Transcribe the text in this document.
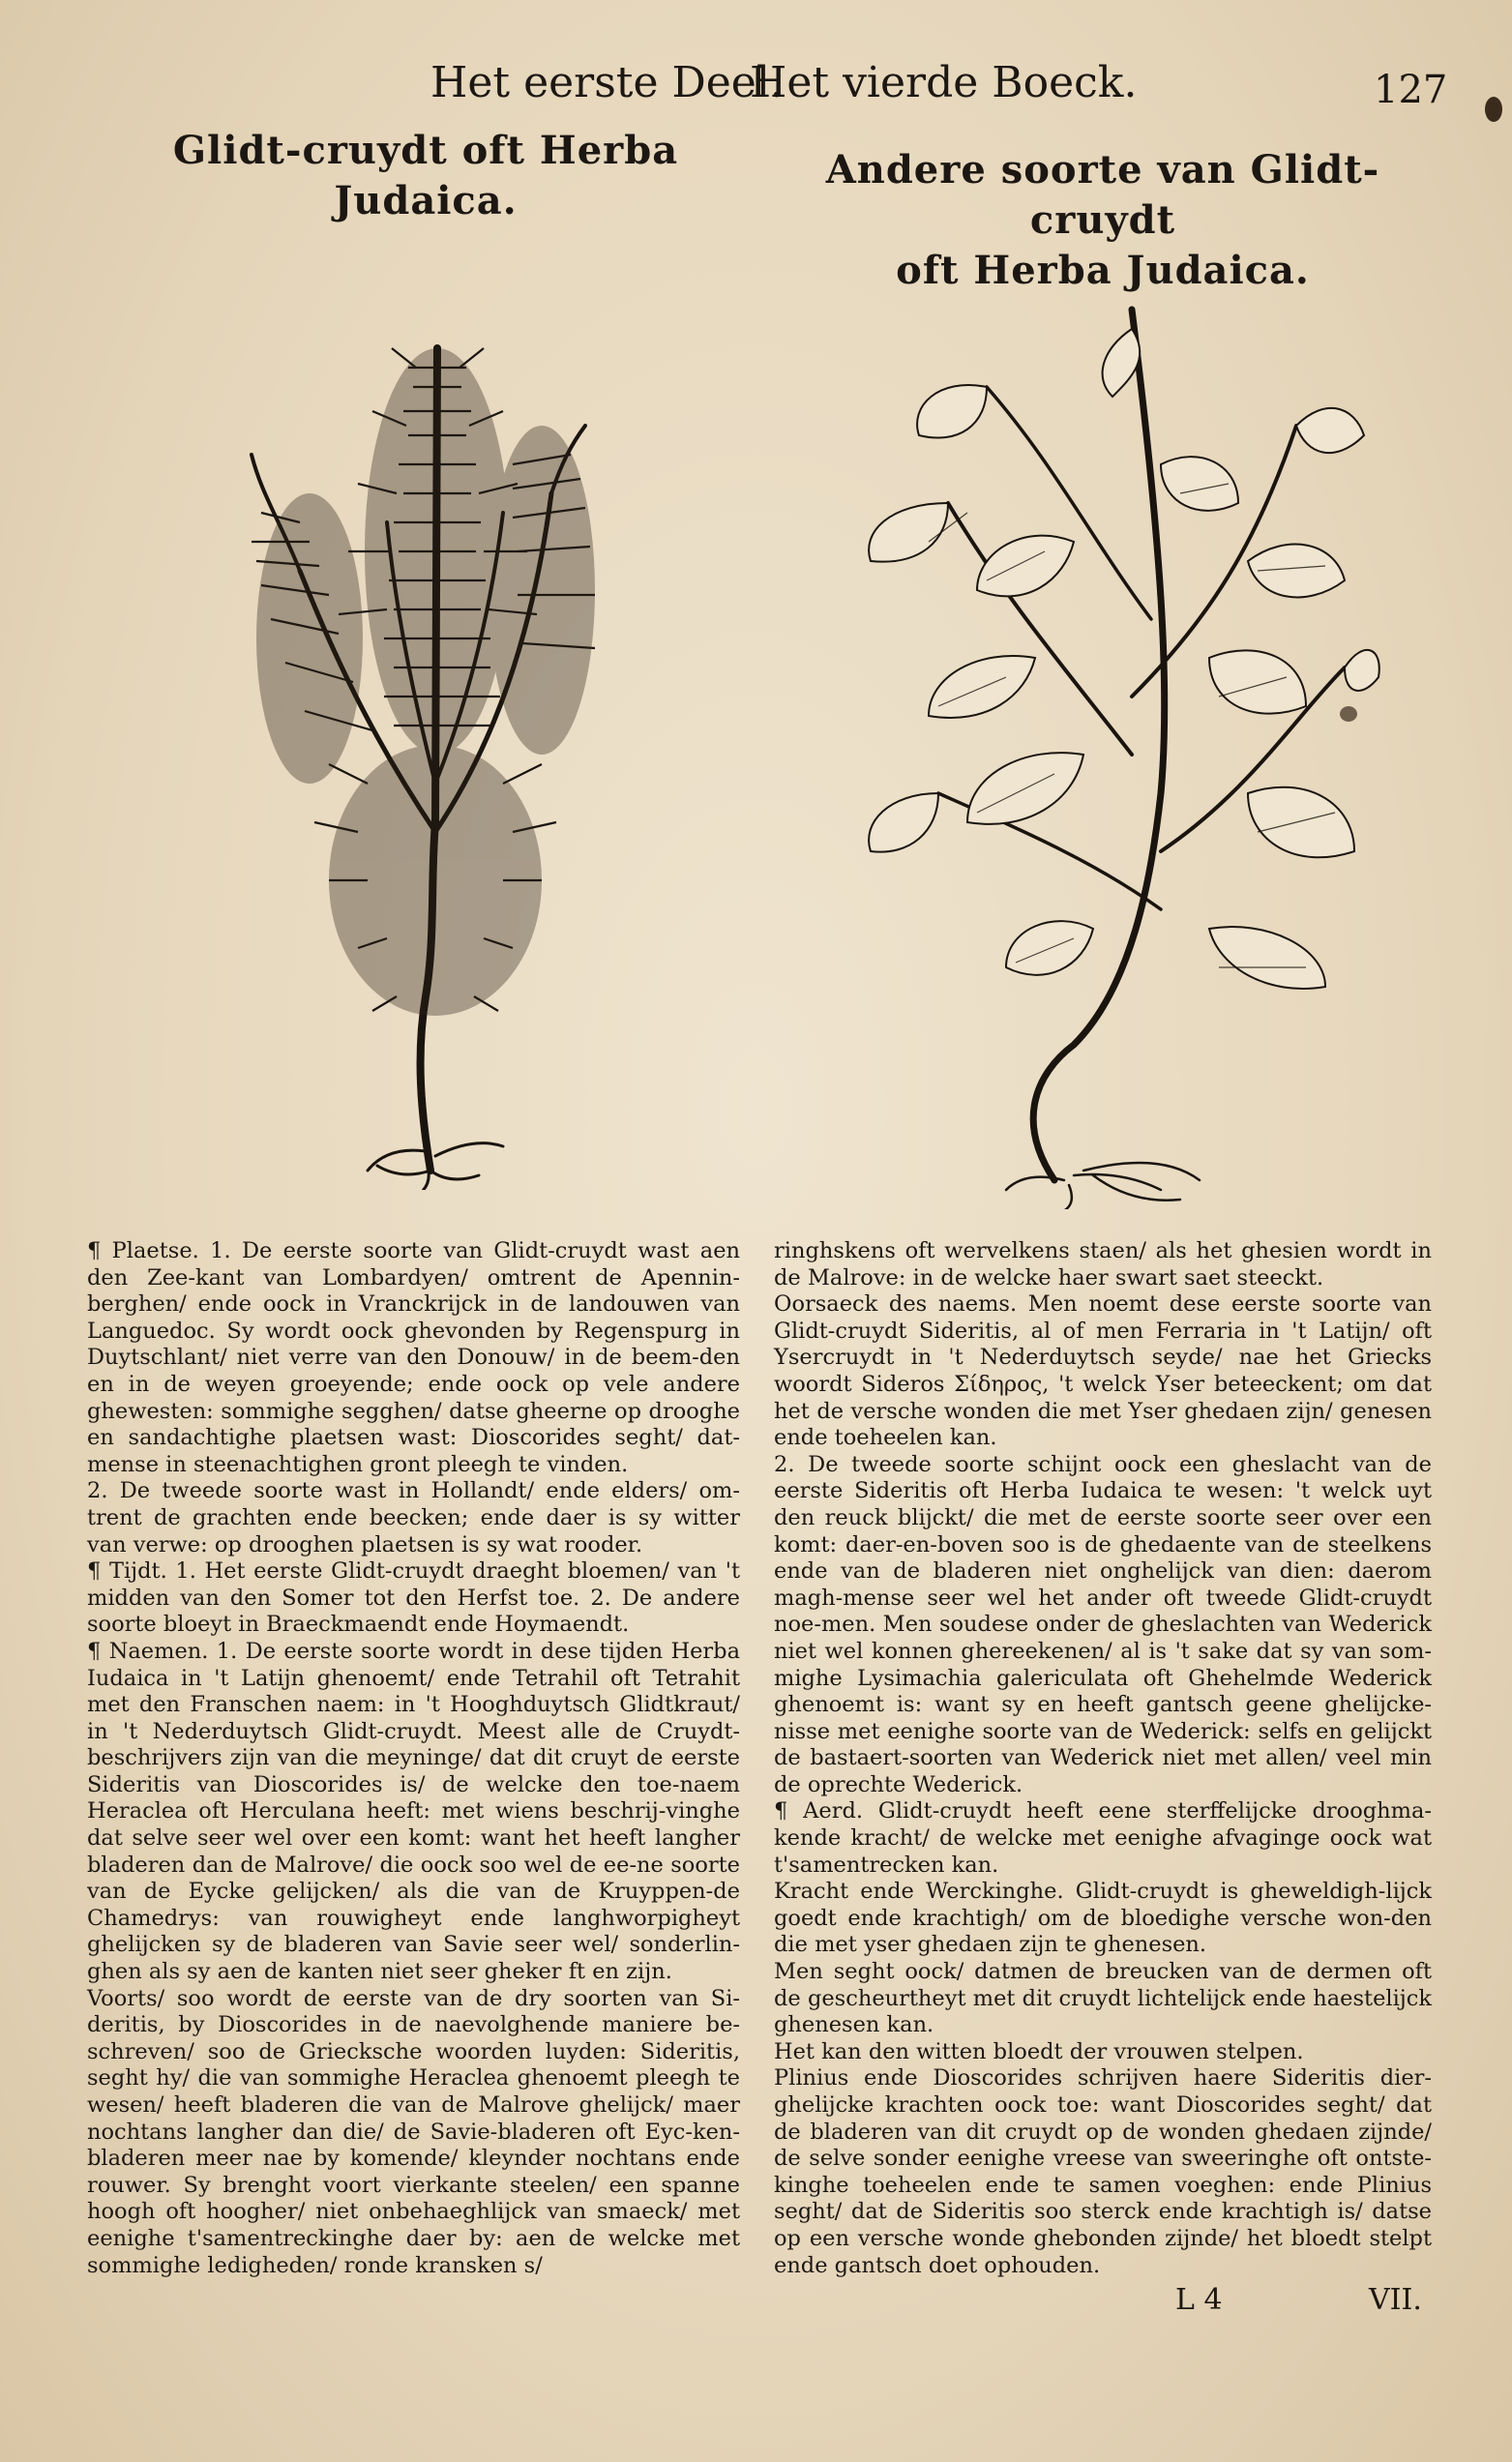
Het eerste Deel.
Het vierde Boeck.	127
Glidt-cruydt oft Herba Judaica.
Andere soorte van Glidt-cruydt
oft Herba Judaica.

¶ Plaetse. 1. De eerste soorte van Glidt-cruydt wast aen den Zee-kant van Lombardyen/ omtrent de Apennin-berghen/ ende oock in Vranckrijck in de landouwen van Languedoc. Sy wordt oock ghevonden by Regenspurg in Duytschlant/ niet verre van den Donouw/ in de beem-den en in de weyen groeyende; ende oock op vele andere ghewesten: sommighe segghen/ datse gheerne op drooghe en sandachtighe plaetsen wast: Dioscorides seght/ dat-mense in steenachtighen gront pleegh te vinden.

2. De tweede soorte wast in Hollandt/ ende elders/ om-trent de grachten ende beecken; ende daer is sy witter van verwe: op drooghen plaetsen is sy wat rooder.

¶ Tijdt. 1. Het eerste Glidt-cruydt draeght bloemen/ van 't midden van den Somer tot den Herfst toe. 2. De andere soorte bloeyt in Braeckmaendt ende Hoymaendt.

¶ Naemen. 1. De eerste soorte wordt in dese tijden Herba Iudaica in 't Latijn ghenoemt/ ende Tetrahil oft Tetrahit met den Franschen naem: in 't Hooghduytsch Glidtkraut/ in 't Nederduytsch Glidt-cruydt. Meest alle de Cruydt-beschrijvers zijn van die meyninge/ dat dit cruyt de eerste Sideritis van Dioscorides is/ de welcke den toe-naem Heraclea oft Herculana heeft: met wiens beschrij-vinghe dat selve seer wel over een komt: want het heeft langher bladeren dan de Malrove/ die oock soo wel de ee-ne soorte van de Eycke gelijcken/ als die van de Kruyppen-de Chamedrys: van rouwigheyt ende langhworpigheyt ghelijcken sy de bladeren van Savie seer wel/ sonderlin-ghen als sy aen de kanten niet seer gheker ft en zijn.

Voorts/ soo wordt de eerste van de dry soorten van Si-deritis, by Dioscorides in de naevolghende maniere be-schreven/ soo de Griecksche woorden luyden: Sideritis, seght hy/ die van sommighe Heraclea ghenoemt pleegh te wesen/ heeft bladeren die van de Malrove ghelijck/ maer nochtans langher dan die/ de Savie-bladeren oft Eyc-ken-bladeren meer nae by komende/ kleynder nochtans ende rouwer. Sy brenght voort vierkante steelen/ een spanne hoogh oft hoogher/ niet onbehaeghlijck van smaeck/ met eenighe t'samentreckinghe daer by: aen de welcke met sommighe ledigheden/ ronde kransken s/

ringhskens oft wervelkens staen/ als het ghesien wordt in de Malrove: in de welcke haer swart saet steeckt.

Oorsaeck des naems. Men noemt dese eerste soorte van Glidt-cruydt Sideritis, al of men Ferraria in 't Latijn/ oft Ysercruydt in 't Nederduytsch seyde/ nae het Griecks woordt Sideros Σίδηρος, 't welck Yser beteeckent; om dat het de versche wonden die met Yser ghedaen zijn/ genesen ende toeheelen kan.

2. De tweede soorte schijnt oock een gheslacht van de eerste Sideritis oft Herba Iudaica te wesen: 't welck uyt den reuck blijckt/ die met de eerste soorte seer over een komt: daer-en-boven soo is de ghedaente van de steelkens ende van de bladeren niet onghelijck van dien: daerom magh-mense seer wel het ander oft tweede Glidt-cruydt noe-men. Men soudese onder de gheslachten van Wederick niet wel konnen ghereekenen/ al is 't sake dat sy van som-mighe Lysimachia galericulata oft Ghehelmde Wederick ghenoemt is: want sy en heeft gantsch geene ghelijcke-nisse met eenighe soorte van de Wederick: selfs en gelijckt de bastaert-soorten van Wederick niet met allen/ veel min de oprechte Wederick.

¶ Aerd. Glidt-cruydt heeft eene sterffelijcke drooghma-kende kracht/ de welcke met eenighe afvaginge oock wat t'samentrecken kan.

Kracht ende Werckinghe. Glidt-cruydt is gheweldigh-lijck goedt ende krachtigh/ om de bloedighe versche won-den die met yser ghedaen zijn te ghenesen.

Men seght oock/ datmen de breucken van de dermen oft de gescheurtheyt met dit cruydt lichtelijck ende haestelijck ghenesen kan.

Het kan den witten bloedt der vrouwen stelpen.

Plinius ende Dioscorides schrijven haere Sideritis dier-ghelijcke krachten oock toe: want Dioscorides seght/ dat de bladeren van dit cruydt op de wonden ghedaen zijnde/ de selve sonder eenighe vreese van sweeringhe oft ontste-kinghe toeheelen ende te samen voeghen: ende Plinius seght/ dat de Sideritis soo sterck ende krachtigh is/ datse op een versche wonde ghebonden zijnde/ het bloedt stelpt ende gantsch doet ophouden.

L 4	VII.
